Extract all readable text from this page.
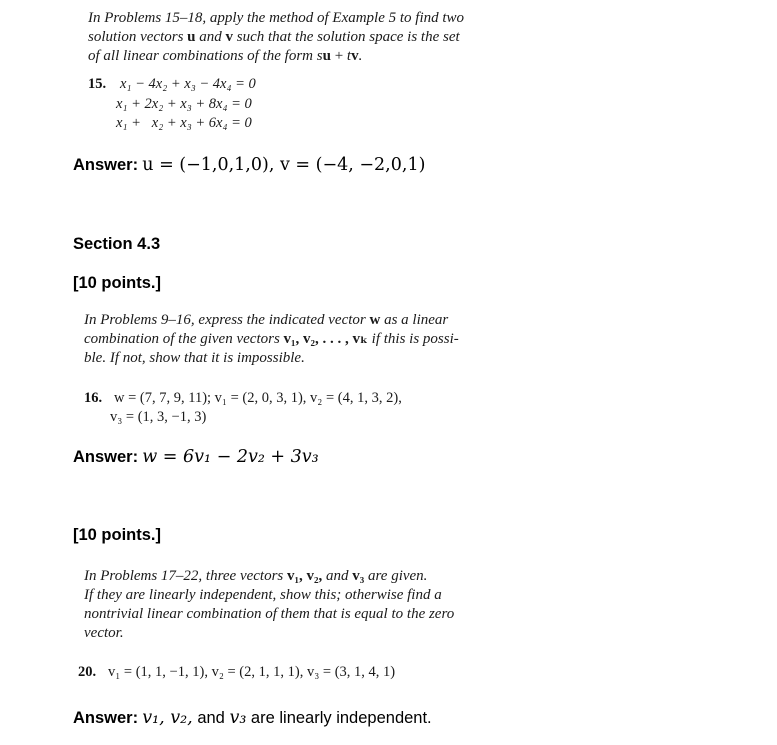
In Problems 15–18, apply the method of Example 5 to find two
solution vectors u and v such that the solution space is the set
of all linear combinations of the form su + tv.
15. x₁ − 4x₂ + x₃ − 4x₄ = 0
x₁ + 2x₂ + x₃ + 8x₄ = 0
x₁ +   x₂ + x₃ + 6x₄ = 0
Answer: u = (−1,0,1,0), v = (−4, −2,0,1)
Section 4.3
[10 points.]
In Problems 9–16, express the indicated vector w as a linear
combination of the given vectors v₁, v₂, . . . , vₖ if this is possi-
ble. If not, show that it is impossible.
16. w = (7, 7, 9, 11); v₁ = (2, 0, 3, 1), v₂ = (4, 1, 3, 2),
v₃ = (1, 3, −1, 3)
Answer: w = 6v₁ − 2v₂ + 3v₃
[10 points.]
In Problems 17–22, three vectors v₁, v₂, and v₃ are given.
If they are linearly independent, show this; otherwise find a
nontrivial linear combination of them that is equal to the zero
vector.
20. v₁ = (1, 1, −1, 1), v₂ = (2, 1, 1, 1), v₃ = (3, 1, 4, 1)
Answer: v₁, v₂, and v₃ are linearly independent.
